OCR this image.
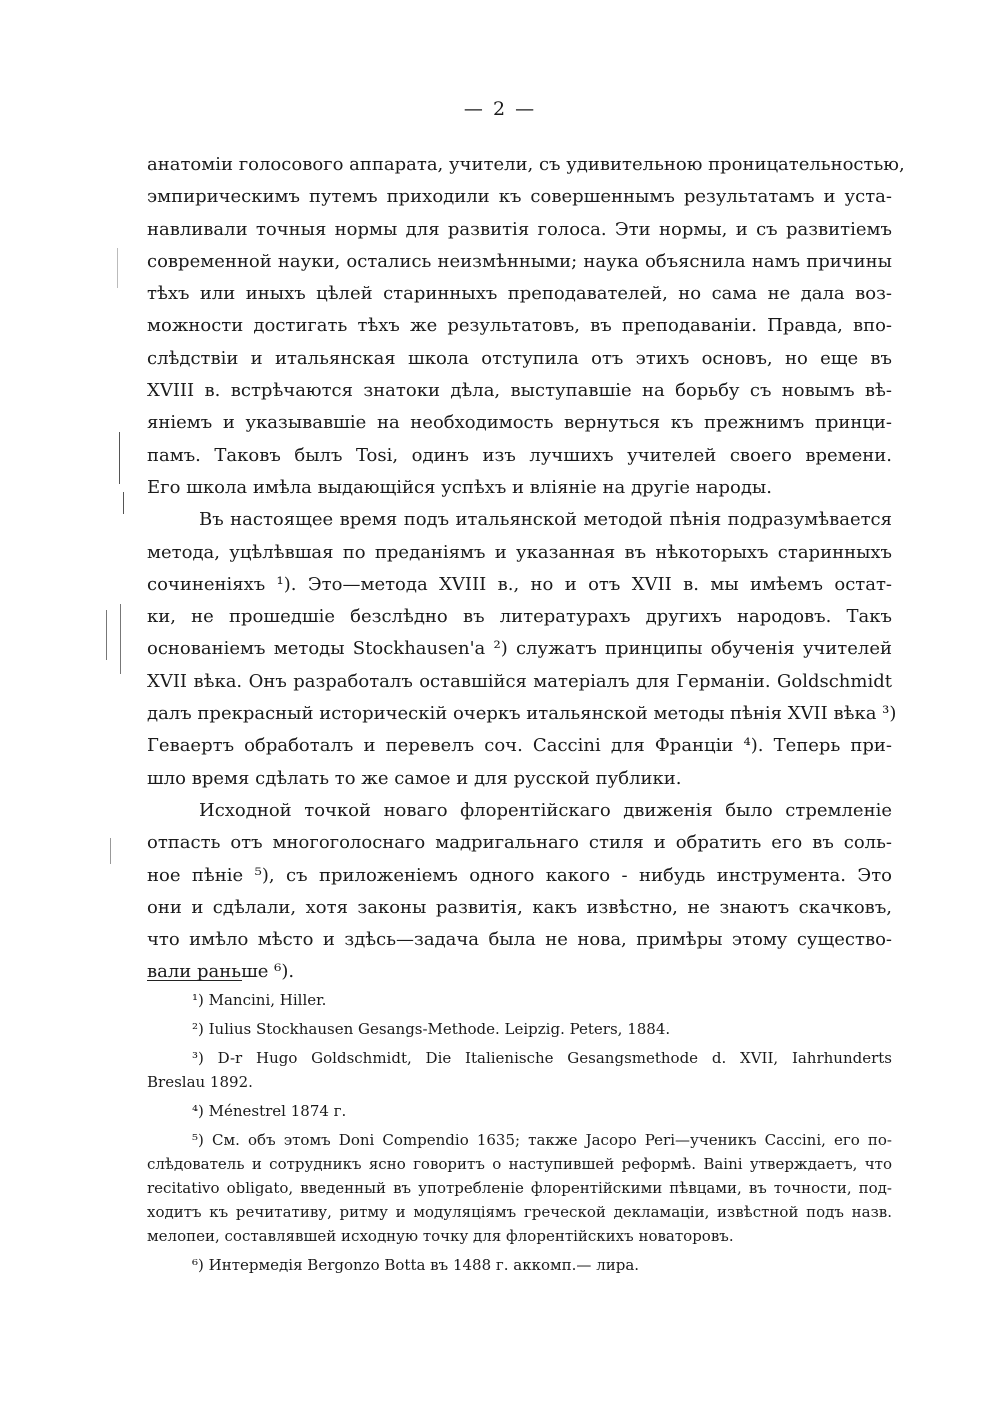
— 2 —
анатомiи голосового аппарата, учители, съ удивительною проницательностью,
эмпирическимъ путемъ приходили къ совершеннымъ результатамъ и уста-
навливали точныя нормы для развитiя голоса. Эти нормы, и съ развитiемъ
современной науки, остались неизмѣнными; наука объяснила намъ причины
тѣхъ или иныхъ цѣлей старинныхъ преподавателей, но сама не дала воз-
можности достигать тѣхъ же результатовъ, въ преподаванiи. Правда, впо-
слѣдствiи и итальянская школа отступила отъ этихъ основъ, но еще въ
XVIII в. встрѣчаются знатоки дѣла, выступавшiе на борьбу съ новымъ вѣ-
янiемъ и указывавшiе на необходимость вернуться къ прежнимъ принци-
памъ. Таковъ былъ Tosi, одинъ изъ лучшихъ учителей своего времени.
Его школа имѣла выдающiйся успѣхъ и влiянiе на другiе народы.
Въ настоящее время подъ итальянской методой пѣнiя подразумѣвается
метода, уцѣлѣвшая по преданiямъ и указанная въ нѣкоторыхъ старинныхъ
сочиненiяхъ ¹). Это—метода XVIII в., но и отъ XVII в. мы имѣемъ остат-
ки, не прошедшiе безслѣдно въ литературахъ другихъ народовъ. Такъ
основанiемъ методы Stockhausen'a ²) служатъ принципы обученiя учителей
XVII вѣка. Онъ разработалъ оставшiйся матерiалъ для Германiи. Goldschmidt
далъ прекрасный историческiй очеркъ итальянской методы пѣнiя XVII вѣка ³)
Геваертъ обработалъ и перевелъ соч. Caccini для Францiи ⁴). Теперь при-
шло время сдѣлать то же самое и для русской публики.
Исходной точкой новаго флорентiйскаго движенiя было стремленiе
отпасть отъ многоголоснаго мадригальнаго стиля и обратить его въ соль-
ное пѣнiе ⁵), съ приложенiемъ одного какого - нибудь инструмента. Это
они и сдѣлали, хотя законы развитiя, какъ извѣстно, не знаютъ скачковъ,
что имѣло мѣсто и здѣсь—задача была не нова, примѣры этому существо-
вали раньше ⁶).
¹) Mancini, Hiller.
²) Iulius Stockhausen Gesangs-Methode. Leipzig. Peters, 1884.
³) D-r Hugo Goldschmidt, Die Italienische Gesangsmethode d. XVII, Iahrhunderts
Breslau 1892.
⁴) Ménestrel 1874 г.
⁵) См. объ этомъ Doni Compendio 1635; также Jacopo Peri—ученикъ Caccini, его по-
слѣдователь и сотрудникъ ясно говоритъ о наступившей реформѣ. Baini утверждаетъ, что
recitativo obligato, введенный въ употребленiе флорентiйскими пѣвцами, въ точности, под-
ходитъ къ речитативу, ритму и модуляцiямъ греческой декламацiи, извѣстной подъ назв.
мелопеи, составлявшей исходную точку для флорентiйскихъ новаторовъ.
⁶) Интермедiя Bergonzo Botta въ 1488 г. аккомп.— лира.
